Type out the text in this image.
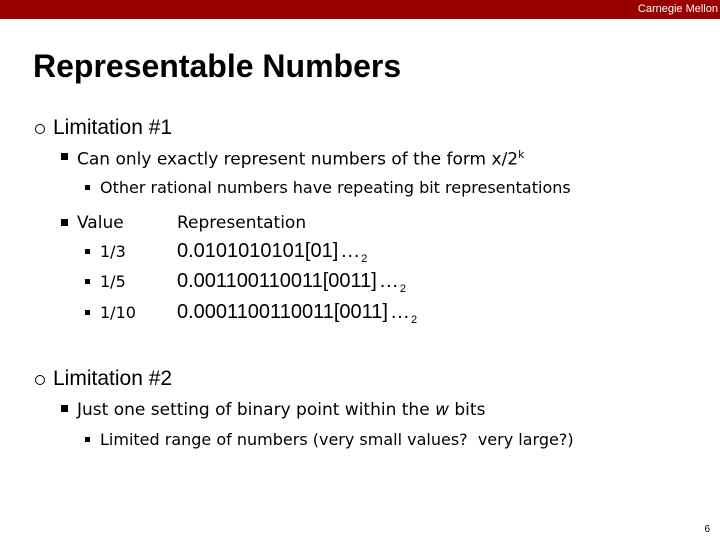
Carnegie Mellon
Representable Numbers
Limitation #1
Can only exactly represent numbers of the form x/2$^k$
Other rational numbers have repeating bit representations
Value	Representation
1/3	0.0101010101[01] $\dots_2$
1/5	0.001100110011[0011] $\dots_2$
1/10 0.0001100110011[0011] $\dots_2$
Limitation #2
Just one setting of binary point within the w bits
Limited range of numbers (very small values?  very large?)
6
